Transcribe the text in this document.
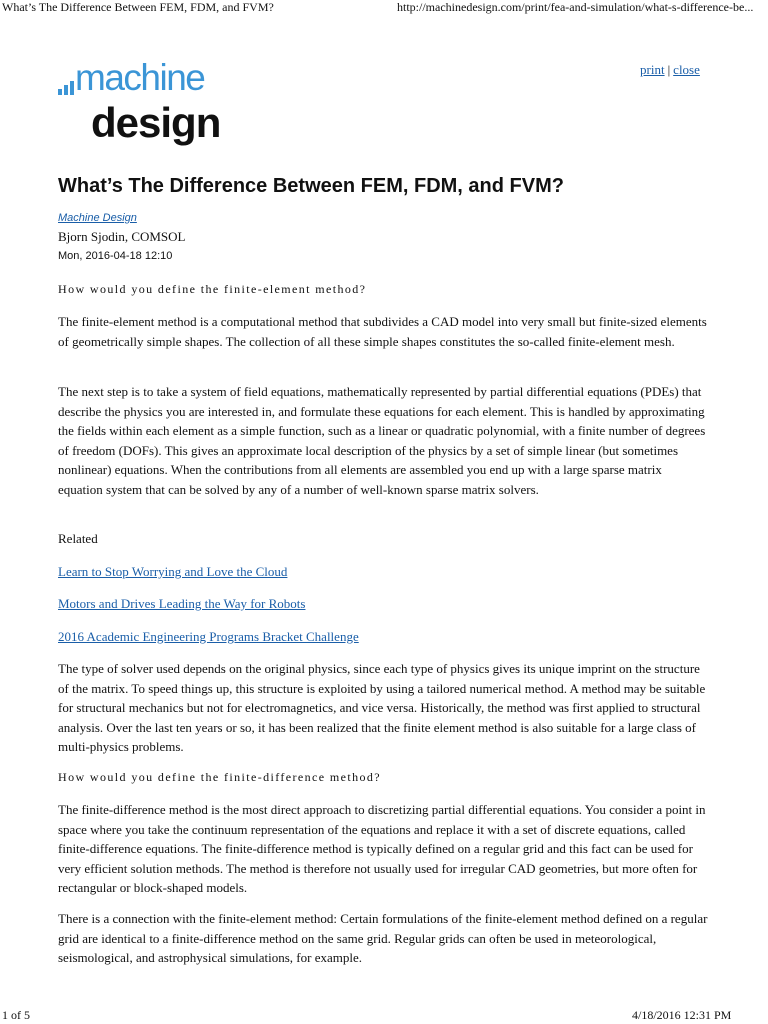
What’s The Difference Between FEM, FDM, and FVM?	http://machinedesign.com/print/fea-and-simulation/what-s-difference-be...
machine
design
print | close
What’s The Difference Between FEM, FDM, and FVM?
Machine Design
Bjorn Sjodin, COMSOL
Mon, 2016-04-18 12:10

How would you define the finite-element method?

The finite-element method is a computational method that subdivides a CAD model into very small but finite-sized elements of geometrically simple shapes. The collection of all these simple shapes constitutes the so-called finite-element mesh.

The next step is to take a system of field equations, mathematically represented by partial differential equations (PDEs) that describe the physics you are interested in, and formulate these equations for each element. This is handled by approximating the fields within each element as a simple function, such as a linear or quadratic polynomial, with a finite number of degrees of freedom (DOFs). This gives an approximate local description of the physics by a set of simple linear (but sometimes nonlinear) equations. When the contributions from all elements are assembled you end up with a large sparse matrix equation system that can be solved by any of a number of well-known sparse matrix solvers.

Related

Learn to Stop Worrying and Love the Cloud
Motors and Drives Leading the Way for Robots
2016 Academic Engineering Programs Bracket Challenge

The type of solver used depends on the original physics, since each type of physics gives its unique imprint on the structure of the matrix. To speed things up, this structure is exploited by using a tailored numerical method. A method may be suitable for structural mechanics but not for electromagnetics, and vice versa. Historically, the method was first applied to structural analysis. Over the last ten years or so, it has been realized that the finite element method is also suitable for a large class of multi-physics problems.

How would you define the finite-difference method?

The finite-difference method is the most direct approach to discretizing partial differential equations. You consider a point in space where you take the continuum representation of the equations and replace it with a set of discrete equations, called finite-difference equations. The finite-difference method is typically defined on a regular grid and this fact can be used for very efficient solution methods. The method is therefore not usually used for irregular CAD geometries, but more often for rectangular or block-shaped models.

There is a connection with the finite-element method: Certain formulations of the finite-element method defined on a regular grid are identical to a finite-difference method on the same grid. Regular grids can often be used in meteorological, seismological, and astrophysical simulations, for example.

1 of 5	4/18/2016 12:31 PM
